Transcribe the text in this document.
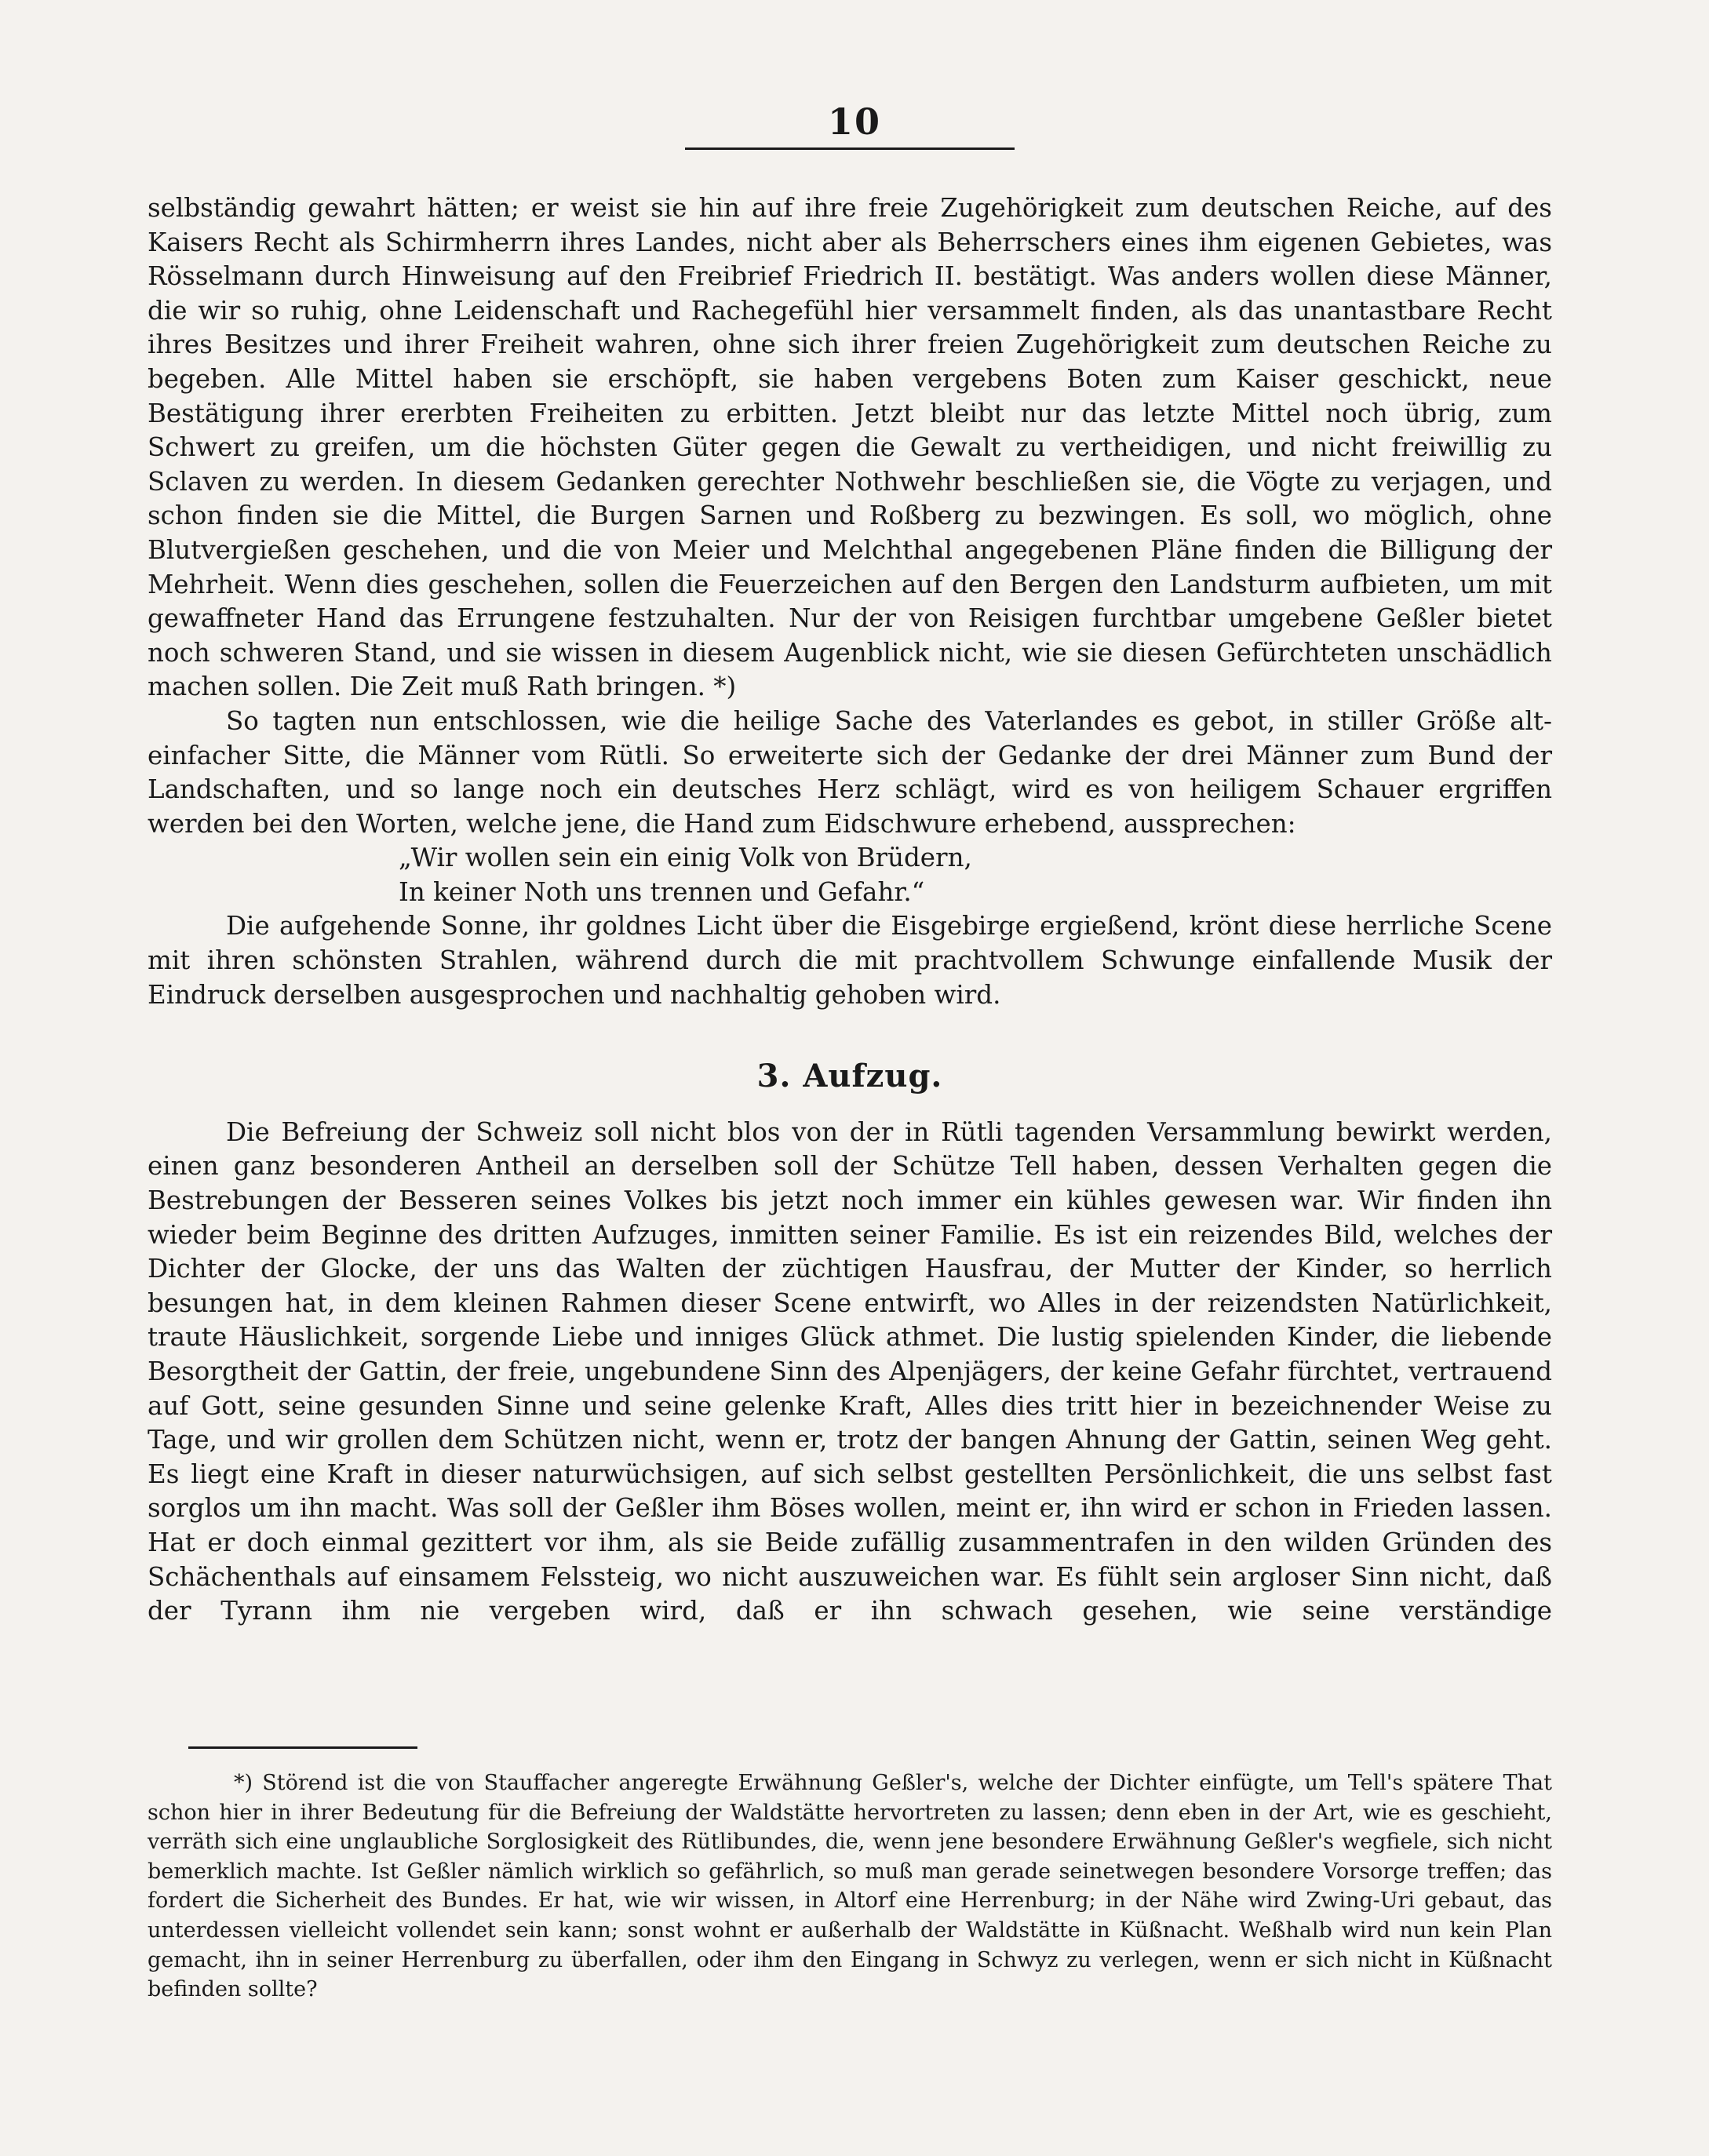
10

selbständig gewahrt hätten; er weist sie hin auf ihre freie Zugehörigkeit zum deutschen Reiche, auf des Kaisers Recht als Schirmherrn ihres Landes, nicht aber als Beherrschers eines ihm eigenen Gebietes, was Rösselmann durch Hinweisung auf den Freibrief Friedrich II. bestätigt. Was anders wollen diese Männer, die wir so ruhig, ohne Leidenschaft und Rachegefühl hier versammelt finden, als das unantastbare Recht ihres Besitzes und ihrer Freiheit wahren, ohne sich ihrer freien Zugehörigkeit zum deutschen Reiche zu begeben. Alle Mittel haben sie erschöpft, sie haben vergebens Boten zum Kaiser geschickt, neue Bestätigung ihrer ererbten Freiheiten zu erbitten. Jetzt bleibt nur das letzte Mittel noch übrig, zum Schwert zu greifen, um die höchsten Güter gegen die Gewalt zu vertheidigen, und nicht freiwillig zu Sclaven zu werden. In diesem Gedanken gerechter Nothwehr beschließen sie, die Vögte zu verjagen, und schon finden sie die Mittel, die Burgen Sarnen und Roßberg zu bezwingen. Es soll, wo möglich, ohne Blutvergießen geschehen, und die von Meier und Melchthal angegebenen Pläne finden die Billigung der Mehrheit. Wenn dies geschehen, sollen die Feuerzeichen auf den Bergen den Landsturm aufbieten, um mit gewaffneter Hand das Errungene festzuhalten. Nur der von Reisigen furchtbar umgebene Geßler bietet noch schweren Stand, und sie wissen in diesem Augenblick nicht, wie sie diesen Gefürchteten unschädlich machen sollen. Die Zeit muß Rath bringen. *)

So tagten nun entschlossen, wie die heilige Sache des Vaterlandes es gebot, in stiller Größe alt-einfacher Sitte, die Männer vom Rütli. So erweiterte sich der Gedanke der drei Männer zum Bund der Landschaften, und so lange noch ein deutsches Herz schlägt, wird es von heiligem Schauer ergriffen werden bei den Worten, welche jene, die Hand zum Eidschwure erhebend, aussprechen:

„Wir wollen sein ein einig Volk von Brüdern,
In keiner Noth uns trennen und Gefahr.“

Die aufgehende Sonne, ihr goldnes Licht über die Eisgebirge ergießend, krönt diese herrliche Scene mit ihren schönsten Strahlen, während durch die mit prachtvollem Schwunge einfallende Musik der Eindruck derselben ausgesprochen und nachhaltig gehoben wird.

3. Aufzug.

Die Befreiung der Schweiz soll nicht blos von der in Rütli tagenden Versammlung bewirkt werden, einen ganz besonderen Antheil an derselben soll der Schütze Tell haben, dessen Verhalten gegen die Bestrebungen der Besseren seines Volkes bis jetzt noch immer ein kühles gewesen war. Wir finden ihn wieder beim Beginne des dritten Aufzuges, inmitten seiner Familie. Es ist ein reizendes Bild, welches der Dichter der Glocke, der uns das Walten der züchtigen Hausfrau, der Mutter der Kinder, so herrlich besungen hat, in dem kleinen Rahmen dieser Scene entwirft, wo Alles in der reizendsten Natürlichkeit, traute Häuslichkeit, sorgende Liebe und inniges Glück athmet. Die lustig spielenden Kinder, die liebende Besorgtheit der Gattin, der freie, ungebundene Sinn des Alpenjägers, der keine Gefahr fürchtet, vertrauend auf Gott, seine gesunden Sinne und seine gelenke Kraft, Alles dies tritt hier in bezeichnender Weise zu Tage, und wir grollen dem Schützen nicht, wenn er, trotz der bangen Ahnung der Gattin, seinen Weg geht. Es liegt eine Kraft in dieser naturwüchsigen, auf sich selbst gestellten Persönlichkeit, die uns selbst fast sorglos um ihn macht. Was soll der Geßler ihm Böses wollen, meint er, ihn wird er schon in Frieden lassen. Hat er doch einmal gezittert vor ihm, als sie Beide zufällig zusammentrafen in den wilden Gründen des Schächenthals auf einsamem Felssteig, wo nicht auszuweichen war. Es fühlt sein argloser Sinn nicht, daß der Tyrann ihm nie vergeben wird, daß er ihn schwach gesehen, wie seine verständige

*) Störend ist die von Stauffacher angeregte Erwähnung Geßler's, welche der Dichter einfügte, um Tell's spätere That schon hier in ihrer Bedeutung für die Befreiung der Waldstätte hervortreten zu lassen; denn eben in der Art, wie es geschieht, verräth sich eine unglaubliche Sorglosigkeit des Rütlibundes, die, wenn jene besondere Erwähnung Geßler's wegfiele, sich nicht bemerklich machte. Ist Geßler nämlich wirklich so gefährlich, so muß man gerade seinetwegen besondere Vorsorge treffen; das fordert die Sicherheit des Bundes. Er hat, wie wir wissen, in Altorf eine Herrenburg; in der Nähe wird Zwing-Uri gebaut, das unterdessen vielleicht vollendet sein kann; sonst wohnt er außerhalb der Waldstätte in Küßnacht. Weßhalb wird nun kein Plan gemacht, ihn in seiner Herrenburg zu überfallen, oder ihm den Eingang in Schwyz zu verlegen, wenn er sich nicht in Küßnacht befinden sollte?
